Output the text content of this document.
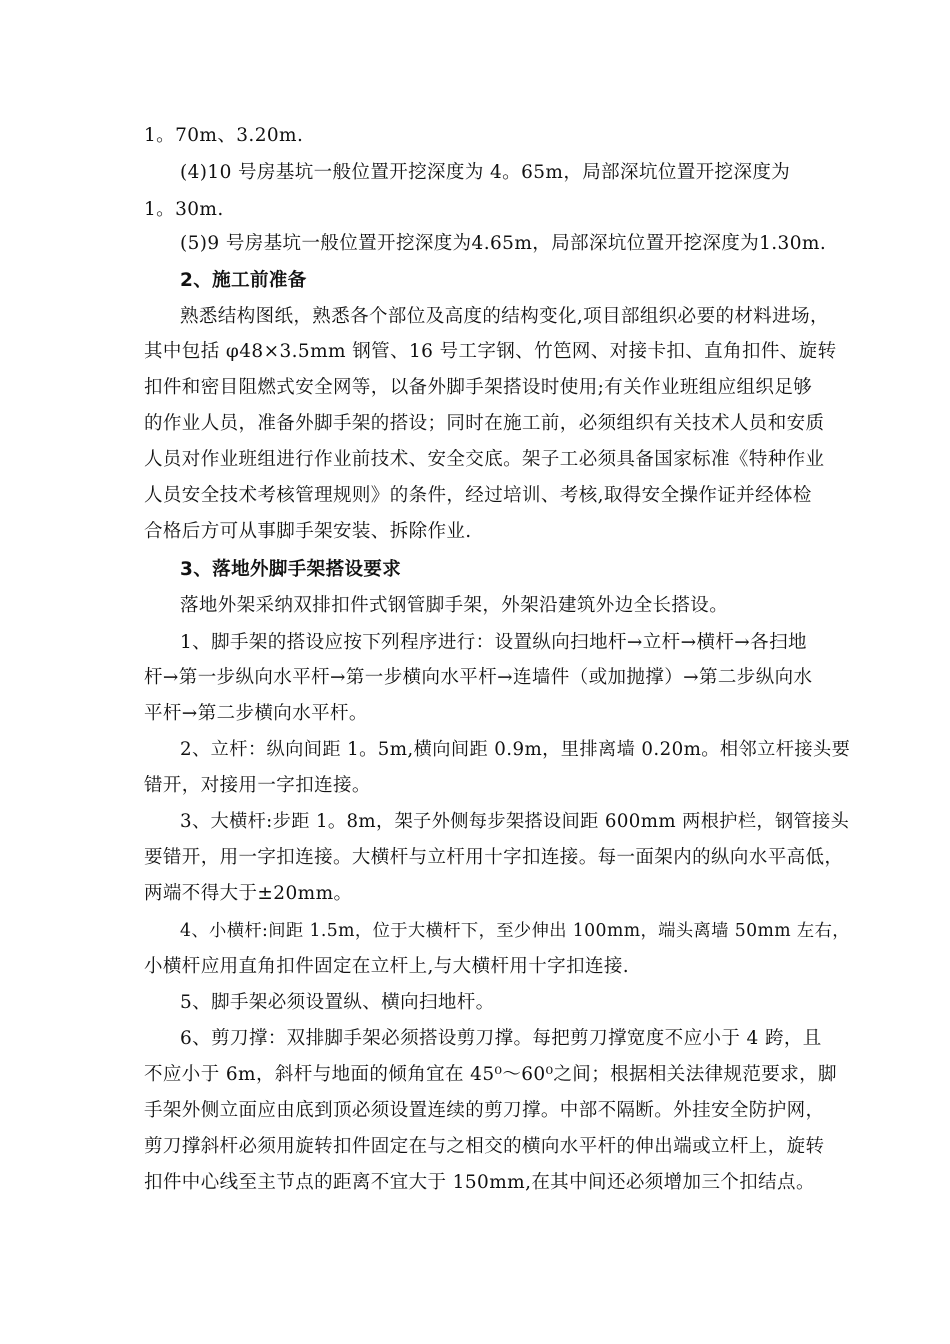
1。70m、3.20m.
(4)10 号房基坑一般位置开挖深度为 4。65m，局部深坑位置开挖深度为
1。30m.
(5)9 号房基坑一般位置开挖深度为4.65m，局部深坑位置开挖深度为1.30m.
2、施工前准备
熟悉结构图纸，熟悉各个部位及高度的结构变化,项目部组织必要的材料进场，
其中包括 φ48×3.5mm 钢管、16 号工字钢、竹笆网、对接卡扣、直角扣件、旋转
扣件和密目阻燃式安全网等，以备外脚手架搭设时使用;有关作业班组应组织足够
的作业人员，准备外脚手架的搭设；同时在施工前，必须组织有关技术人员和安质
人员对作业班组进行作业前技术、安全交底。架子工必须具备国家标准《特种作业
人员安全技术考核管理规则》的条件，经过培训、考核,取得安全操作证并经体检
合格后方可从事脚手架安装、拆除作业.
3、落地外脚手架搭设要求
落地外架采纳双排扣件式钢管脚手架，外架沿建筑外边全长搭设。
1、脚手架的搭设应按下列程序进行：设置纵向扫地杆→立杆→横杆→各扫地
杆→第一步纵向水平杆→第一步横向水平杆→连墙件（或加抛撑）→第二步纵向水
平杆→第二步横向水平杆。
2、立杆：纵向间距 1。5m,横向间距 0.9m，里排离墙 0.20m。相邻立杆接头要
错开，对接用一字扣连接。
3、大横杆:步距 1。8m，架子外侧每步架搭设间距 600mm 两根护栏，钢管接头
要错开，用一字扣连接。大横杆与立杆用十字扣连接。每一面架内的纵向水平高低，
两端不得大于±20mm。
4、小横杆:间距 1.5m，位于大横杆下，至少伸出 100mm，端头离墙 50mm 左右，
小横杆应用直角扣件固定在立杆上,与大横杆用十字扣连接.
5、脚手架必须设置纵、横向扫地杆。
6、剪刀撑：双排脚手架必须搭设剪刀撑。每把剪刀撑宽度不应小于 4 跨，且
不应小于 6m，斜杆与地面的倾角宜在 45⁰～60⁰之间；根据相关法律规范要求，脚
手架外侧立面应由底到顶必须设置连续的剪刀撑。中部不隔断。外挂安全防护网，
剪刀撑斜杆必须用旋转扣件固定在与之相交的横向水平杆的伸出端或立杆上，旋转
扣件中心线至主节点的距离不宜大于 150mm,在其中间还必须增加三个扣结点。
